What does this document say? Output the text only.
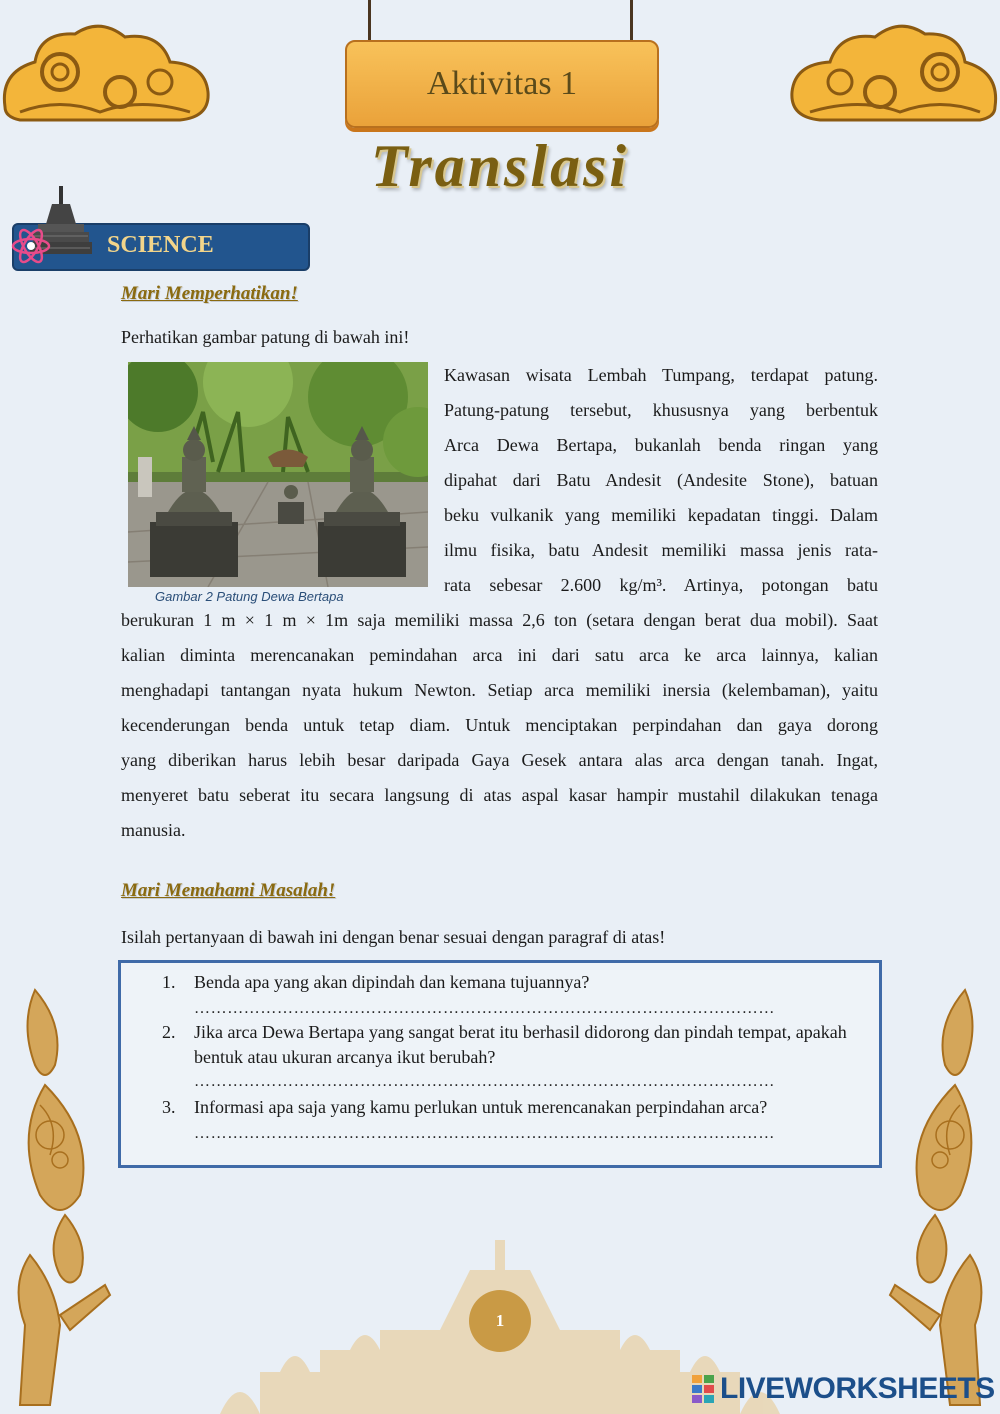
Aktivitas 1
Translasi
SCIENCE
Mari Memperhatikan!
Perhatikan gambar patung di bawah ini!
Gambar 2 Patung Dewa Bertapa
Kawasan wisata Lembah Tumpang, terdapat patung.
Patung-patung tersebut, khususnya yang berbentuk
Arca Dewa Bertapa, bukanlah benda ringan yang
dipahat dari Batu Andesit (Andesite Stone), batuan
beku vulkanik yang memiliki kepadatan tinggi. Dalam
ilmu fisika, batu Andesit memiliki massa jenis rata-
rata sebesar 2.600 kg/m³. Artinya, potongan batu
berukuran 1 m × 1 m × 1m saja memiliki massa 2,6 ton (setara dengan berat dua mobil). Saat
kalian diminta merencanakan pemindahan arca ini dari satu arca ke arca lainnya, kalian
menghadapi tantangan nyata hukum Newton. Setiap arca memiliki inersia (kelembaman), yaitu
kecenderungan benda untuk tetap diam. Untuk menciptakan perpindahan dan gaya dorong
yang diberikan harus lebih besar daripada Gaya Gesek antara alas arca dengan tanah. Ingat,
menyeret batu seberat itu secara langsung di atas aspal kasar hampir mustahil dilakukan tenaga
manusia.
Mari Memahami Masalah!
Isilah pertanyaan di bawah ini dengan benar sesuai dengan paragraf di atas!
1.	Benda apa yang akan dipindah dan kemana tujuannya?
……………………………………………………………………………………………
2.	Jika arca Dewa Bertapa yang sangat berat itu berhasil didorong dan pindah tempat, apakah bentuk atau ukuran arcanya ikut berubah?
……………………………………………………………………………………………
3.	Informasi apa saja yang kamu perlukan untuk merencanakan perpindahan arca?
……………………………………………………………………………………………
1
LIVEWORKSHEETS
